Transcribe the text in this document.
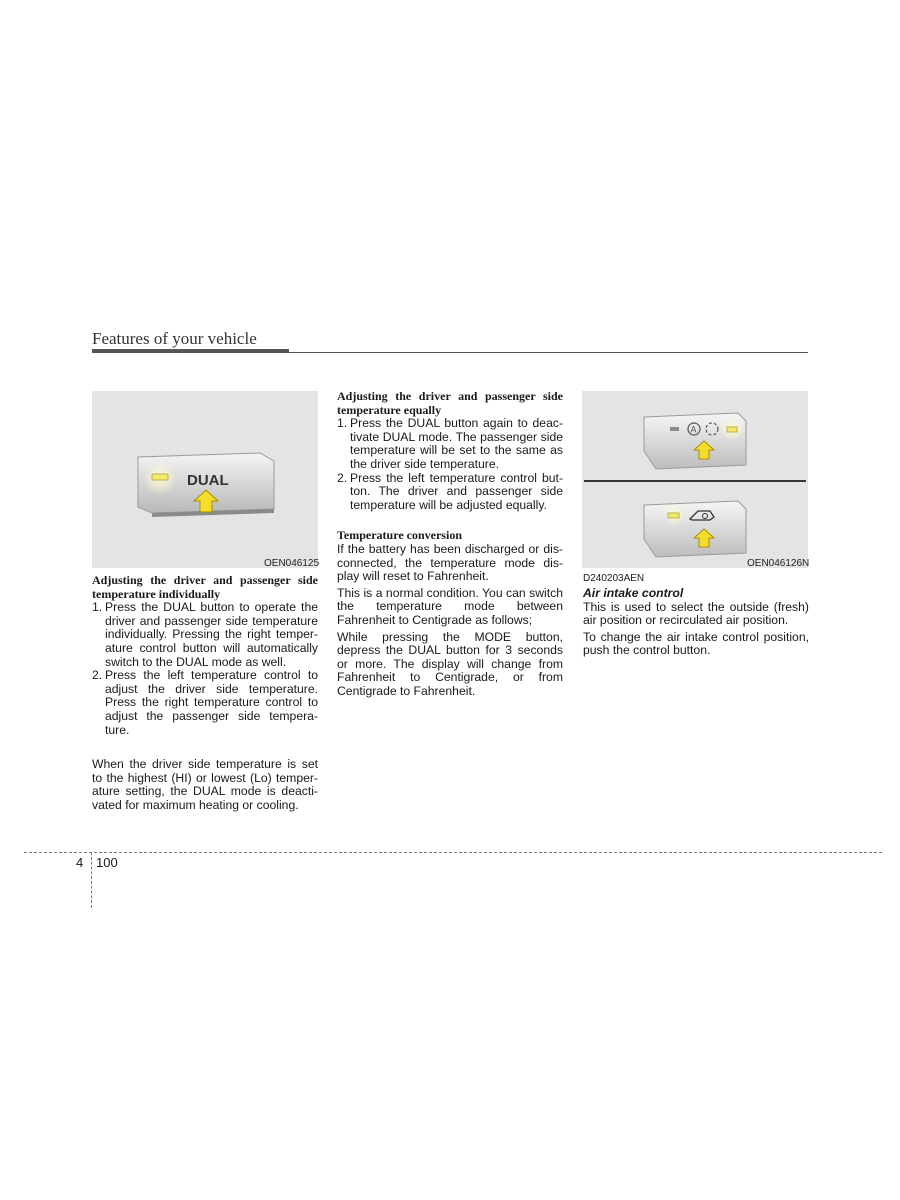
Features of your vehicle
DUAL
OEN046125

Adjusting the driver and passenger side temperature individually

1. Press the DUAL button to operate the driver and passenger side temperature individually. Pressing the right temper-ature control button will automatically switch to the DUAL mode as well.
2. Press the left temperature control to adjust the driver side temperature. Press the right temperature control to adjust the passenger side tempera-ture.

When the driver side temperature is set to the highest (HI) or lowest (Lo) temper-ature setting, the DUAL mode is deacti-vated for maximum heating or cooling.

Adjusting the driver and passenger side temperature equally

1. Press the DUAL button again to deac-tivate DUAL mode. The passenger side temperature will be set to the same as the driver side temperature.
2. Press the left temperature control but-ton. The driver and passenger side temperature will be adjusted equally.

Temperature conversion

If the battery has been discharged or dis-connected, the temperature mode dis-play will reset to Fahrenheit.

This is a normal condition. You can switch the temperature mode between Fahrenheit to Centigrade as follows;

While pressing the MODE button, depress the DUAL button for 3 seconds or more. The display will change from Fahrenheit to Centigrade, or from Centigrade to Fahrenheit.

A
OEN046126N

D240203AEN

Air intake control

This is used to select the outside (fresh) air position or recirculated air position.

To change the air intake control position, push the control button.

4 100
